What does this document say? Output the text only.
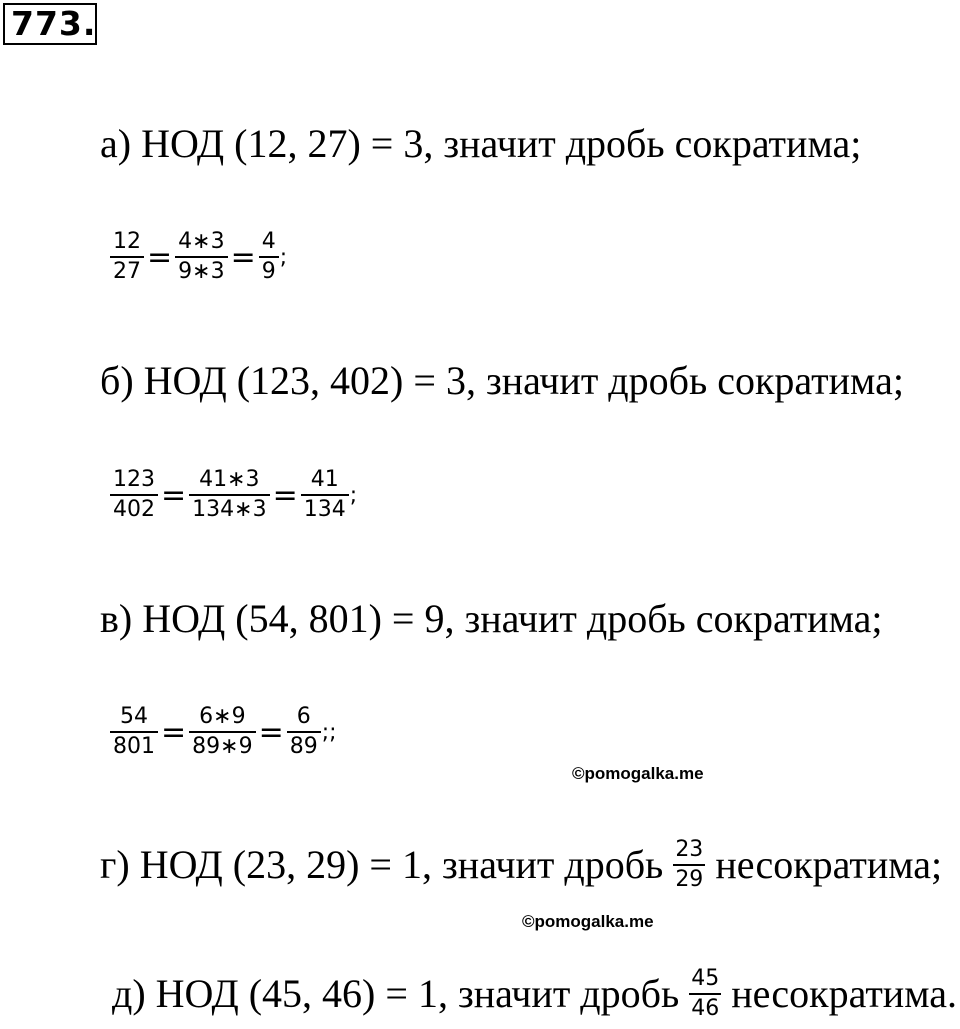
773.
а) НОД (12, 27) = 3, значит дробь сократима;
$\frac{12}{27} = \frac{4∗3}{9∗3} = \frac{4}{9}$ ;
б) НОД (123, 402) = 3, значит дробь сократима;
$\frac{123}{402} = \frac{41∗3}{134∗3} = \frac{41}{134}$ ;
в) НОД (54, 801) = 9, значит дробь сократима;
$\frac{54}{801} = \frac{6∗9}{89∗9} = \frac{6}{89}$ ;;
©pomogalka.me
г) НОД (23, 29) = 1, значит дробь $\frac{23}{29}$ несократима;
©pomogalka.me
д) НОД (45, 46) = 1, значит дробь $\frac{45}{46}$ несократима.
